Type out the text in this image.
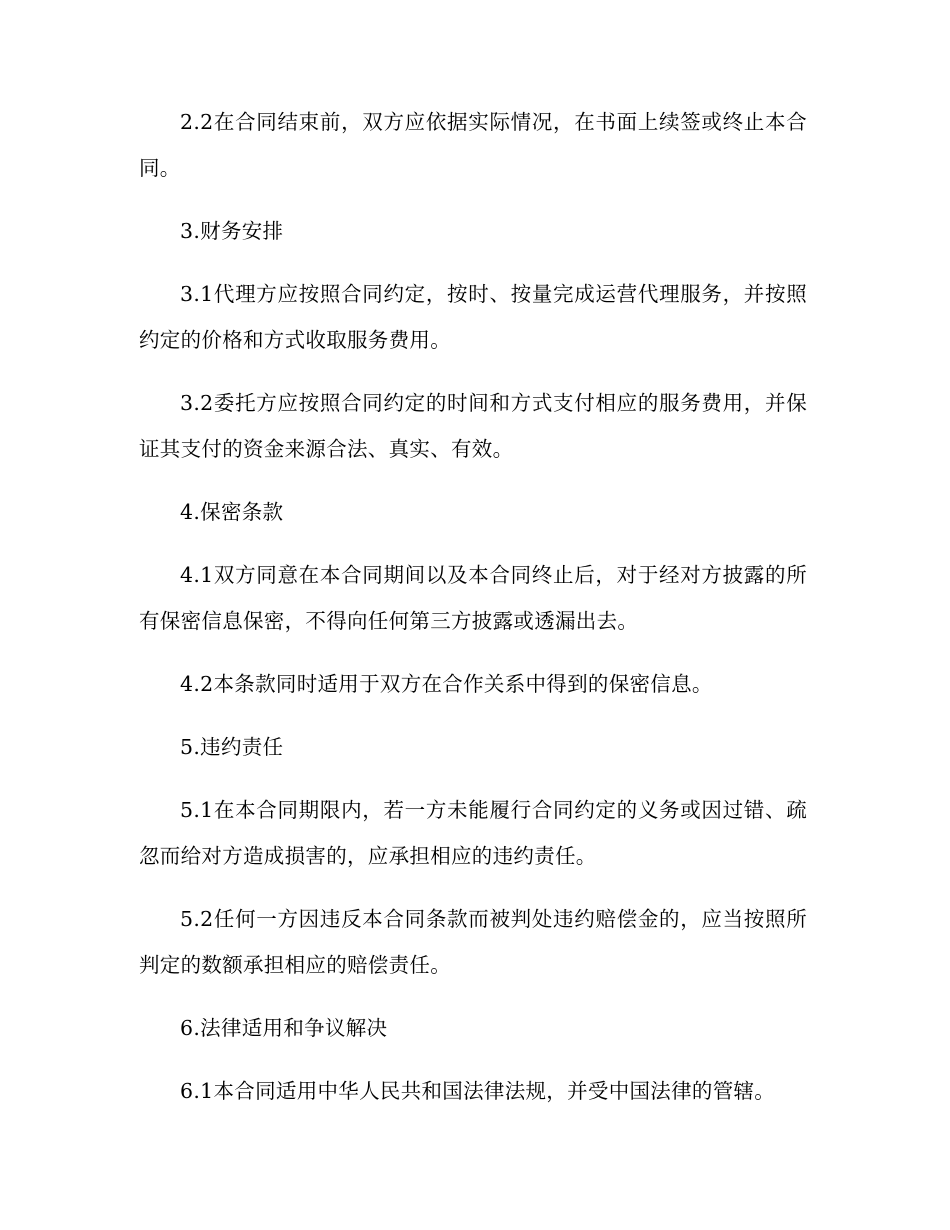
2.2在合同结束前，双方应依据实际情况，在书面上续签或终止本合同。

3.财务安排

3.1代理方应按照合同约定，按时、按量完成运营代理服务，并按照约定的价格和方式收取服务费用。

3.2委托方应按照合同约定的时间和方式支付相应的服务费用，并保证其支付的资金来源合法、真实、有效。

4.保密条款

4.1双方同意在本合同期间以及本合同终止后，对于经对方披露的所有保密信息保密，不得向任何第三方披露或透漏出去。

4.2本条款同时适用于双方在合作关系中得到的保密信息。

5.违约责任

5.1在本合同期限内，若一方未能履行合同约定的义务或因过错、疏忽而给对方造成损害的，应承担相应的违约责任。

5.2任何一方因违反本合同条款而被判处违约赔偿金的，应当按照所判定的数额承担相应的赔偿责任。

6.法律适用和争议解决

6.1本合同适用中华人民共和国法律法规，并受中国法律的管辖。
